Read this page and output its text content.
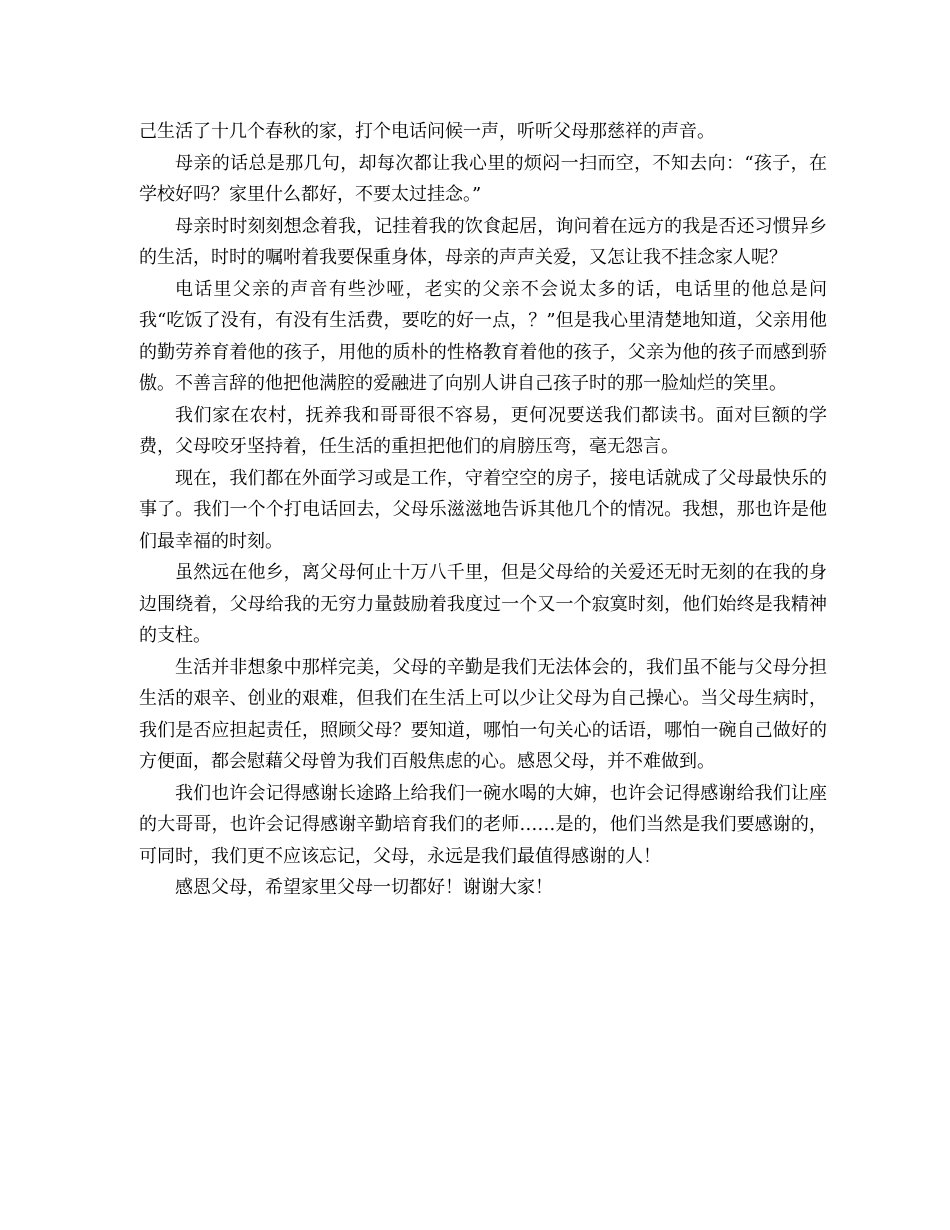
己生活了十几个春秋的家，打个电话问候一声，听听父母那慈祥的声音。

母亲的话总是那几句，却每次都让我心里的烦闷一扫而空，不知去向：“孩子，在学校好吗？家里什么都好，不要太过挂念。”

母亲时时刻刻想念着我，记挂着我的饮食起居，询问着在远方的我是否还习惯异乡的生活，时时的嘱咐着我要保重身体，母亲的声声关爱，又怎让我不挂念家人呢？

电话里父亲的声音有些沙哑，老实的父亲不会说太多的话，电话里的他总是问我“吃饭了没有，有没有生活费，要吃的好一点，？”但是我心里清楚地知道，父亲用他的勤劳养育着他的孩子，用他的质朴的性格教育着他的孩子，父亲为他的孩子而感到骄傲。不善言辞的他把他满腔的爱融进了向别人讲自己孩子时的那一脸灿烂的笑里。

我们家在农村，抚养我和哥哥很不容易，更何况要送我们都读书。面对巨额的学费，父母咬牙坚持着，任生活的重担把他们的肩膀压弯，毫无怨言。

现在，我们都在外面学习或是工作，守着空空的房子，接电话就成了父母最快乐的事了。我们一个个打电话回去，父母乐滋滋地告诉其他几个的情况。我想，那也许是他们最幸福的时刻。

虽然远在他乡，离父母何止十万八千里，但是父母给的关爱还无时无刻的在我的身边围绕着，父母给我的无穷力量鼓励着我度过一个又一个寂寞时刻，他们始终是我精神的支柱。

生活并非想象中那样完美，父母的辛勤是我们无法体会的，我们虽不能与父母分担生活的艰辛、创业的艰难，但我们在生活上可以少让父母为自己操心。当父母生病时，我们是否应担起责任，照顾父母？要知道，哪怕一句关心的话语，哪怕一碗自己做好的方便面，都会慰藉父母曾为我们百般焦虑的心。感恩父母，并不难做到。

我们也许会记得感谢长途路上给我们一碗水喝的大婶，也许会记得感谢给我们让座的大哥哥，也许会记得感谢辛勤培育我们的老师……是的，他们当然是我们要感谢的，可同时，我们更不应该忘记，父母，永远是我们最值得感谢的人！

感恩父母，希望家里父母一切都好！谢谢大家！
